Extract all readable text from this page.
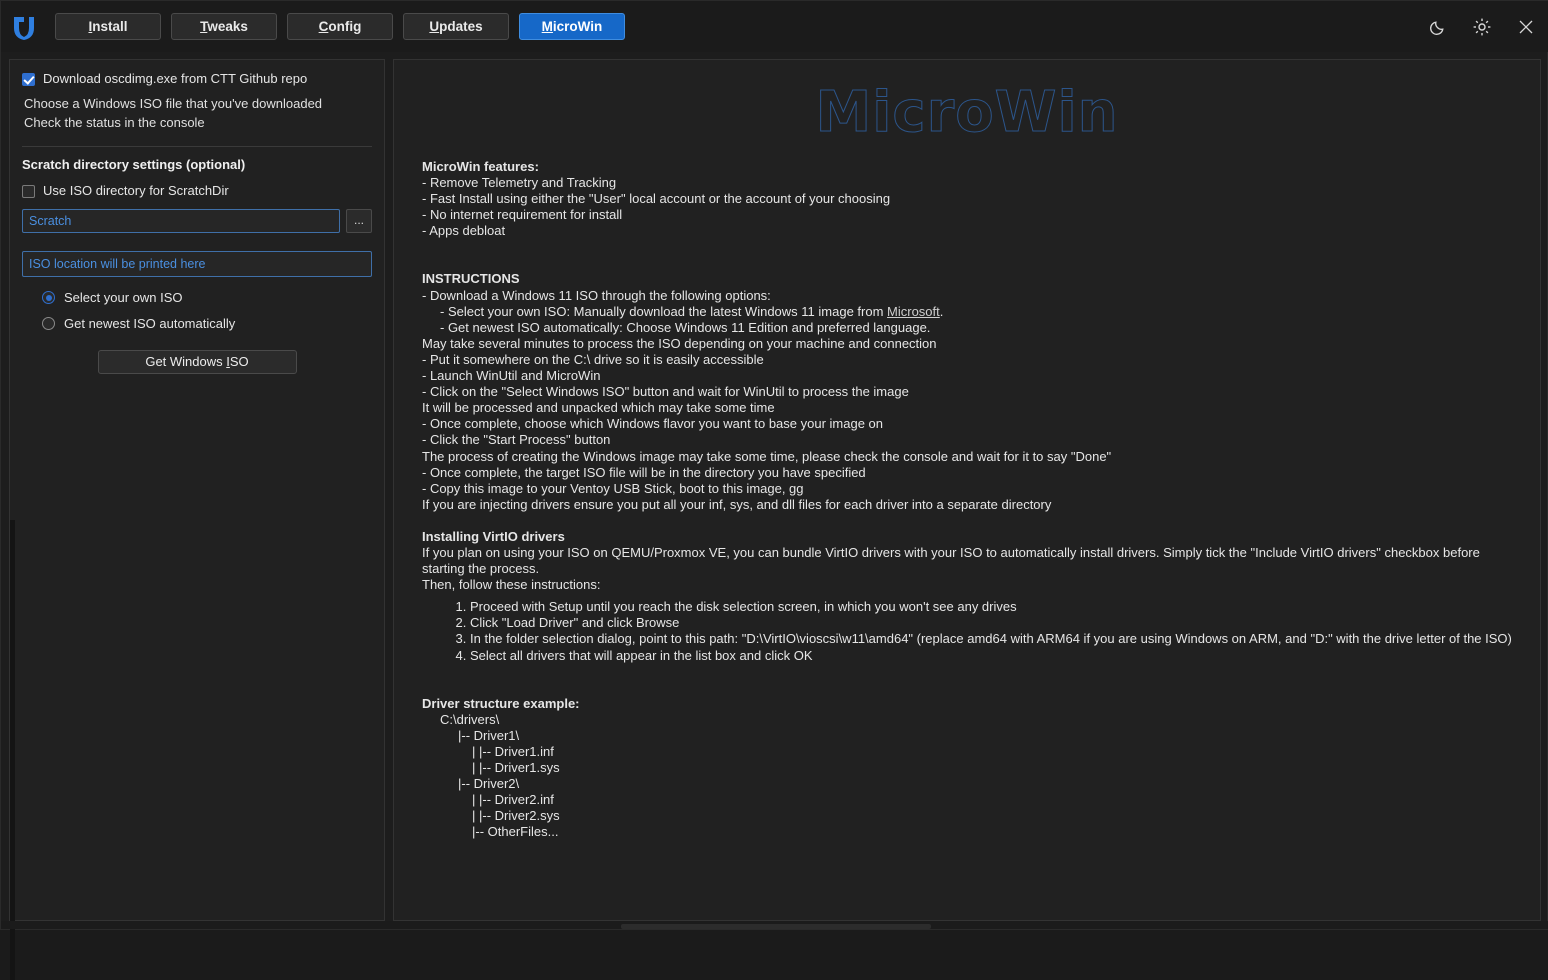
Install	Tweaks	Config	Updates	MicroWin
Download oscdimg.exe from CTT Github repo
Choose a Windows ISO file that you've downloaded
Check the status in the console
Scratch directory settings (optional)
Use ISO directory for ScratchDir
Scratch	...
ISO location will be printed here
Select your own ISO
Get newest ISO automatically
Get Windows ISO
MicroWin
MicroWin features:
- Remove Telemetry and Tracking
- Fast Install using either the "User" local account or the account of your choosing
- No internet requirement for install
- Apps debloat
INSTRUCTIONS
- Download a Windows 11 ISO through the following options:
- Select your own ISO: Manually download the latest Windows 11 image from Microsoft.
- Get newest ISO automatically: Choose Windows 11 Edition and preferred language.
May take several minutes to process the ISO depending on your machine and connection
- Put it somewhere on the C:\ drive so it is easily accessible
- Launch WinUtil and MicroWin
- Click on the "Select Windows ISO" button and wait for WinUtil to process the image
It will be processed and unpacked which may take some time
- Once complete, choose which Windows flavor you want to base your image on
- Click the "Start Process" button
The process of creating the Windows image may take some time, please check the console and wait for it to say "Done"
- Once complete, the target ISO file will be in the directory you have specified
- Copy this image to your Ventoy USB Stick, boot to this image, gg
If you are injecting drivers ensure you put all your inf, sys, and dll files for each driver into a separate directory
Installing VirtIO drivers
If you plan on using your ISO on QEMU/Proxmox VE, you can bundle VirtIO drivers with your ISO to automatically install drivers. Simply tick the "Include VirtIO drivers" checkbox before starting the process.
Then, follow these instructions:
1. Proceed with Setup until you reach the disk selection screen, in which you won't see any drives
2. Click "Load Driver" and click Browse
3. In the folder selection dialog, point to this path: "D:\VirtIO\vioscsi\w11\amd64" (replace amd64 with ARM64 if you are using Windows on ARM, and "D:" with the drive letter of the ISO)
4. Select all drivers that will appear in the list box and click OK
Driver structure example:
C:\drivers\
|-- Driver1\
| |-- Driver1.inf
| |-- Driver1.sys
|-- Driver2\
| |-- Driver2.inf
| |-- Driver2.sys
|-- OtherFiles...
